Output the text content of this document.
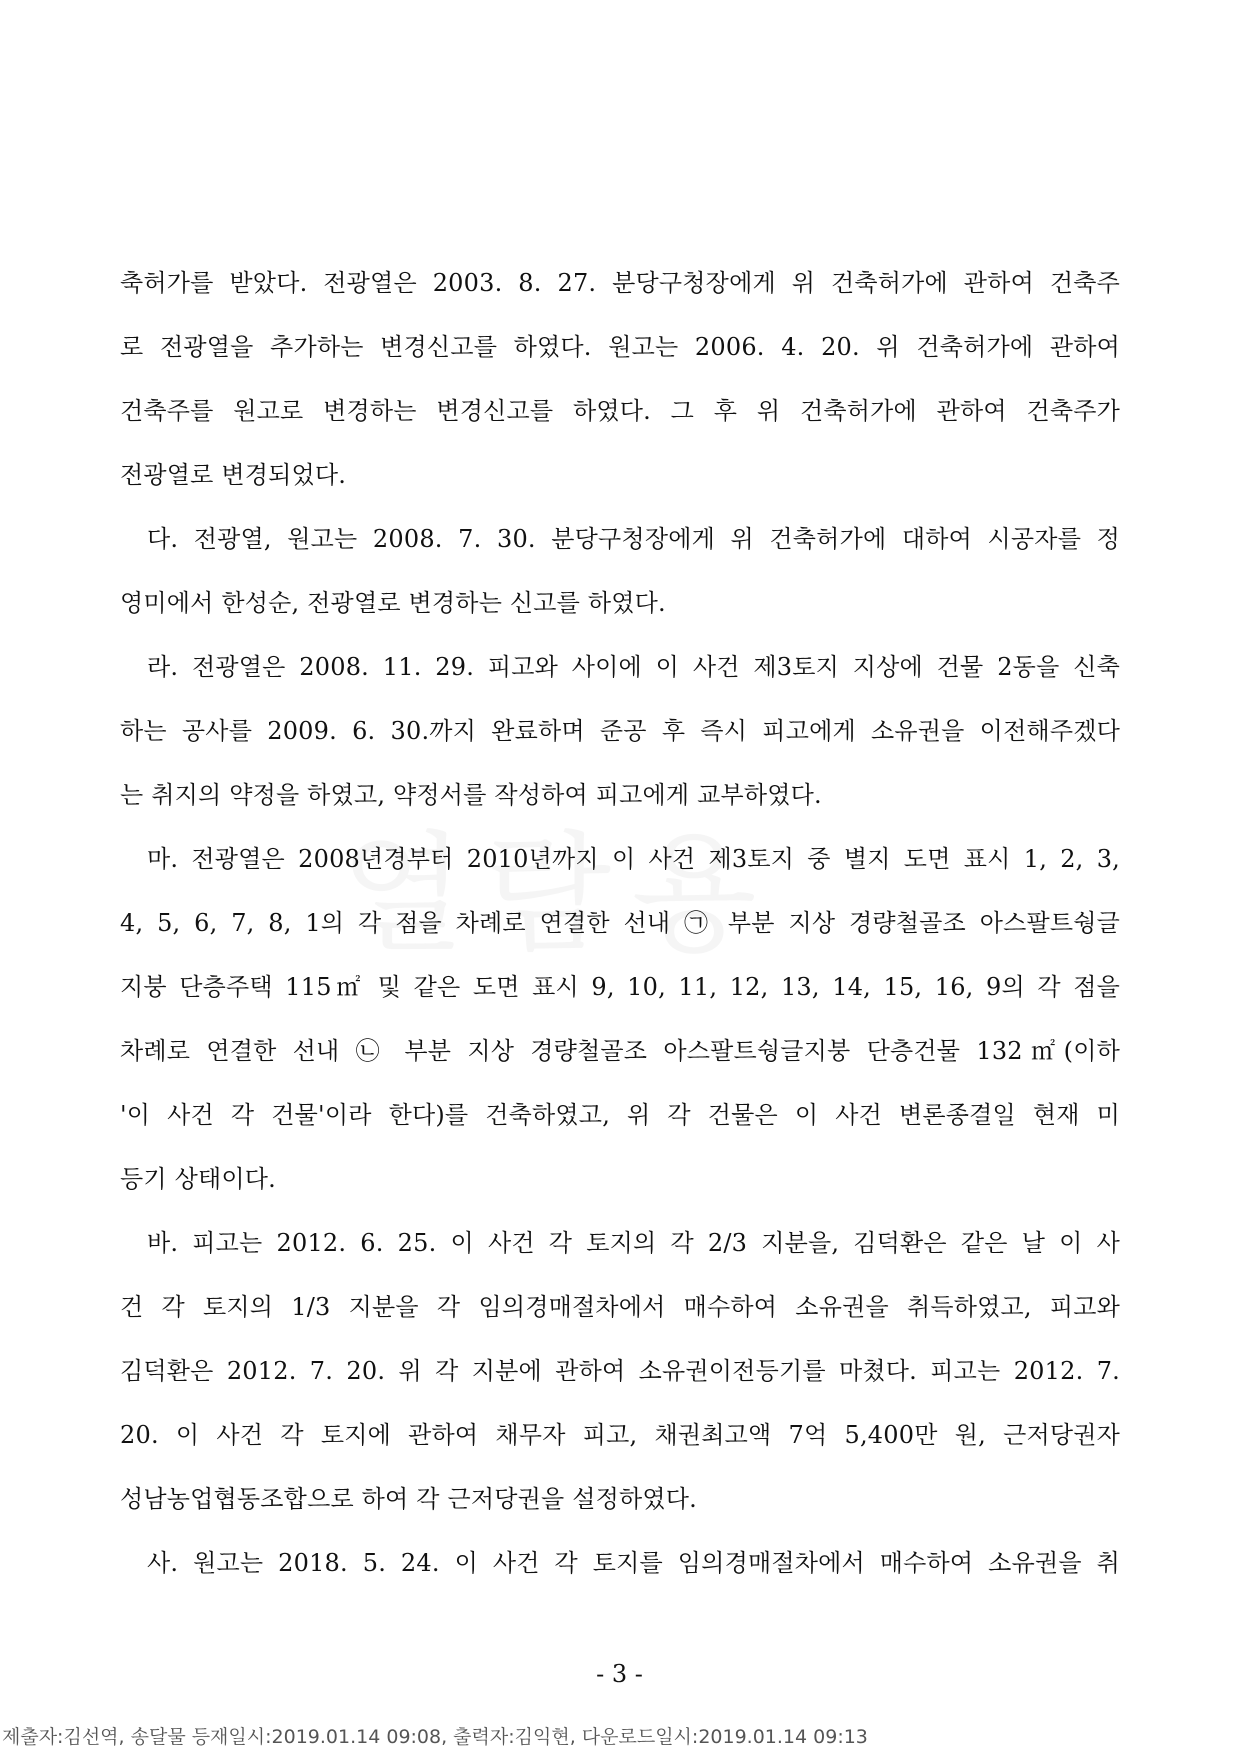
축허가를 받았다. 전광열은 2003. 8. 27. 분당구청장에게 위 건축허가에 관하여 건축주
로 전광열을 추가하는 변경신고를 하였다. 원고는 2006. 4. 20. 위 건축허가에 관하여
건축주를 원고로 변경하는 변경신고를 하였다. 그 후 위 건축허가에 관하여 건축주가
전광열로 변경되었다.
다. 전광열, 원고는 2008. 7. 30. 분당구청장에게 위 건축허가에 대하여 시공자를 정
영미에서 한성순, 전광열로 변경하는 신고를 하였다.
라. 전광열은 2008. 11. 29. 피고와 사이에 이 사건 제3토지 지상에 건물 2동을 신축
하는 공사를 2009. 6. 30.까지 완료하며 준공 후 즉시 피고에게 소유권을 이전해주겠다
는 취지의 약정을 하였고, 약정서를 작성하여 피고에게 교부하였다.
마. 전광열은 2008년경부터 2010년까지 이 사건 제3토지 중 별지 도면 표시 1, 2, 3,
4, 5, 6, 7, 8, 1의 각 점을 차례로 연결한 선내 ㉠ 부분 지상 경량철골조 아스팔트쉉글
지붕 단층주택 115㎡ 및 같은 도면 표시 9, 10, 11, 12, 13, 14, 15, 16, 9의 각 점을
차례로 연결한 선내 ㉡ 부분 지상 경량철골조 아스팔트쉉글지붕 단층건물 132㎡(이하
'이 사건 각 건물'이라 한다)를 건축하였고, 위 각 건물은 이 사건 변론종결일 현재 미
등기 상태이다.
바. 피고는 2012. 6. 25. 이 사건 각 토지의 각 2/3 지분을, 김덕환은 같은 날 이 사
건 각 토지의 1/3 지분을 각 임의경매절차에서 매수하여 소유권을 취득하였고, 피고와
김덕환은 2012. 7. 20. 위 각 지분에 관하여 소유권이전등기를 마쳤다. 피고는 2012. 7.
20. 이 사건 각 토지에 관하여 채무자 피고, 채권최고액 7억 5,400만 원, 근저당권자
성남농업협동조합으로 하여 각 근저당권을 설정하였다.
사. 원고는 2018. 5. 24. 이 사건 각 토지를 임의경매절차에서 매수하여 소유권을 취
- 3 -
제출자:김선역, 송달물 등재일시:2019.01.14 09:08, 출력자:김익현, 다운로드일시:2019.01.14 09:13
